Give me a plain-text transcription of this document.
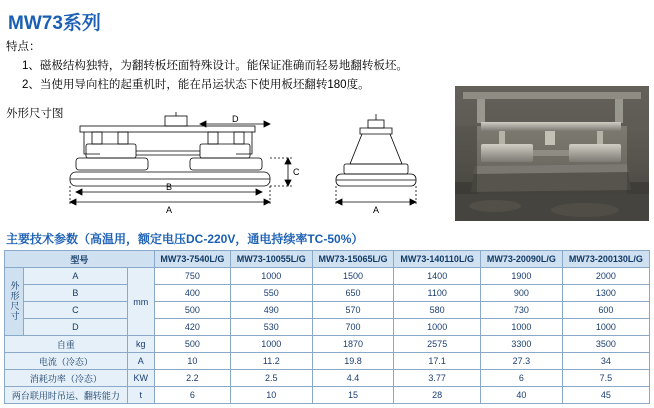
MW73系列
特点：
1、磁极结构独特，为翻转板坯面特殊设计。能保证准确而轻易地翻转板坯。
2、当使用导向柱的起重机时，能在吊运状态下使用板坯翻转180度。
外形尺寸图
A
B
D
C
A
主要技术参数（高温用，额定电压DC-220V，通电持续率TC-50%）
型号			MW73-7540L/G	MW73-10055L/G	MW73-15065L/G	MW73-140110L/G	MW73-20090L/G	MW73-200130L/G
外形尺寸	A	mm	750	1000	1500	1400	1900	2000
	B		400	550	650	1100	900	1300
	C		500	490	570	580	730	600
	D		420	530	700	1000	1000	1000
自重		kg	500	1000	1870	2575	3300	3500
电流（冷态）		A	10	11.2	19.8	17.1	27.3	34
消耗功率（冷态）		KW	2.2	2.5	4.4	3.77	6	7.5
两台联用时吊运、翻转能力		t	6	10	15	28	40	45
